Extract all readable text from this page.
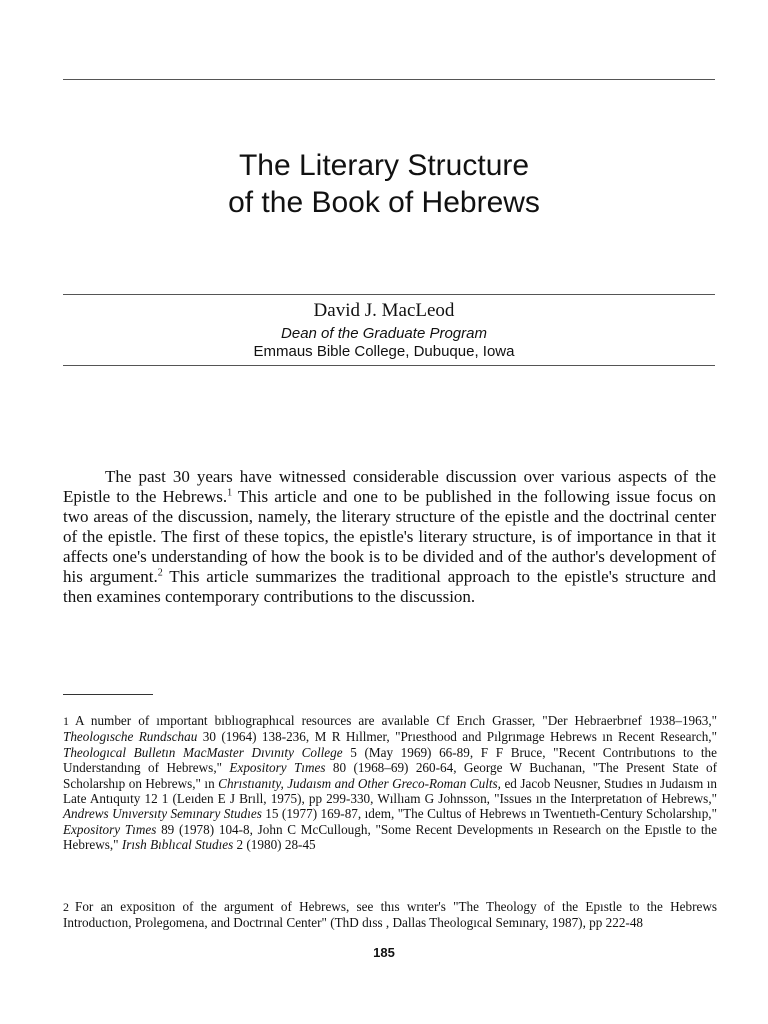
The Literary Structure
of the Book of Hebrews
David J. MacLeod
Dean of the Graduate Program
Emmaus Bible College, Dubuque, Iowa

The past 30 years have witnessed considerable discussion over various aspects of the Epistle to the Hebrews.$^1$ This article and one to be published in the following issue focus on two areas of the discussion, namely, the literary structure of the epistle and the doctrinal center of the epistle. The first of these topics, the epistle's literary structure, is of importance in that it affects one's understanding of how the book is to be divided and of the author's development of his argument.$^2$ This article summarizes the traditional approach to the epistle's structure and then examines contemporary contributions to the discussion.

1 A number of ımportant bıblıographıcal resources are avaılable Cf Erıch Grasser, "Der Hebraerbrıef 1938–1963," Theologısche Rundschau 30 (1964) 138-236, M R Hıllmer, "Prıesthood and Pılgrımage Hebrews ın Recent Research," Theologıcal Bulletın MacMaster Dıvınıty College 5 (May 1969) 66-89, F F Bruce, "Recent Contrıbutıons to the Understandıng of Hebrews," Expository Tımes 80 (1968–69) 260-64, George W Buchanan, "The Present State of Scholarshıp on Hebrews," ın Chrıstıanıty, Judaısm and Other Greco-Roman Cults, ed Jacob Neusner, Studıes ın Judaısm ın Late Antıquıty 12 1 (Leıden E J Brıll, 1975), pp 299-330, Wıllıam G Johnsson, "Issues ın the Interpretatıon of Hebrews," Andrews Unıversıty Semınary Studıes 15 (1977) 169-87, ıdem, "The Cultus of Hebrews ın Twentıeth-Century Scholarshıp," Expository Tımes 89 (1978) 104-8, John C McCullough, "Some Recent Developments ın Research on the Epıstle to the Hebrews," Irısh Bıblıcal Studıes 2 (1980) 28-45
2 For an expositıon of the argument of Hebrews, see thıs wrıter's "The Theology of the Epıstle to the Hebrews Introductıon, Prolegomena, and Doctrınal Center" (ThD dıss , Dallas Theologıcal Semınary, 1987), pp 222-48
185
